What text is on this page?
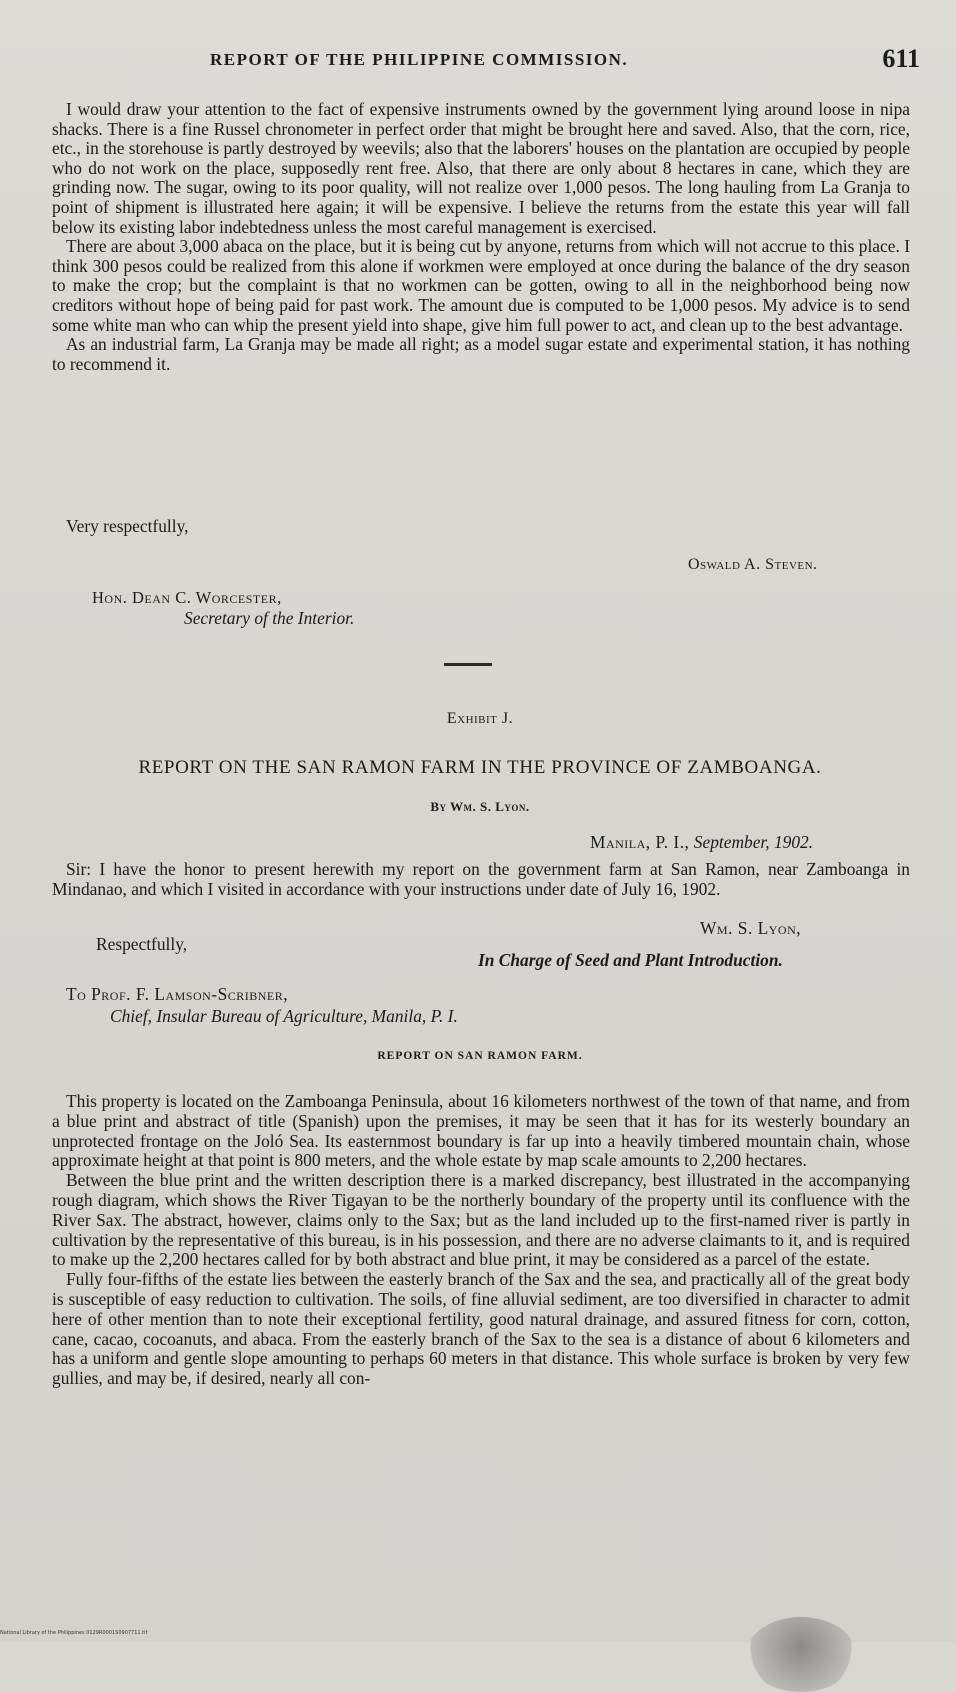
REPORT OF THE PHILIPPINE COMMISSION.	611

I would draw your attention to the fact of expensive instruments owned by the government lying around loose in nipa shacks. There is a fine Russel chronometer in perfect order that might be brought here and saved. Also, that the corn, rice, etc., in the storehouse is partly destroyed by weevils; also that the laborers' houses on the plantation are occupied by people who do not work on the place, supposedly rent free. Also, that there are only about 8 hectares in cane, which they are grinding now. The sugar, owing to its poor quality, will not realize over 1,000 pesos. The long hauling from La Granja to point of shipment is illustrated here again; it will be expensive. I believe the returns from the estate this year will fall below its existing labor indebtedness unless the most careful management is exercised.

There are about 3,000 abaca on the place, but it is being cut by anyone, returns from which will not accrue to this place. I think 300 pesos could be realized from this alone if workmen were employed at once during the balance of the dry season to make the crop; but the complaint is that no workmen can be gotten, owing to all in the neighborhood being now creditors without hope of being paid for past work. The amount due is computed to be 1,000 pesos. My advice is to send some white man who can whip the present yield into shape, give him full power to act, and clean up to the best advantage.

As an industrial farm, La Granja may be made all right; as a model sugar estate and experimental station, it has nothing to recommend it.

Very respectfully,
Oswald A. Steven.
Hon. Dean C. Worcester,
Secretary of the Interior.
Exhibit J.
REPORT ON THE SAN RAMON FARM IN THE PROVINCE OF ZAMBOANGA.
By Wm. S. Lyon.
Manila, P. I., September, 1902.

Sir: I have the honor to present herewith my report on the government farm at San Ramon, near Zamboanga in Mindanao, and which I visited in accordance with your instructions under date of July 16, 1902.

Respectfully,
Wm. S. Lyon,
In Charge of Seed and Plant Introduction.
To Prof. F. Lamson-Scribner,
Chief, Insular Bureau of Agriculture, Manila, P. I.
REPORT ON SAN RAMON FARM.

This property is located on the Zamboanga Peninsula, about 16 kilometers northwest of the town of that name, and from a blue print and abstract of title (Spanish) upon the premises, it may be seen that it has for its westerly boundary an unprotected frontage on the Joló Sea. Its easternmost boundary is far up into a heavily timbered mountain chain, whose approximate height at that point is 800 meters, and the whole estate by map scale amounts to 2,200 hectares.

Between the blue print and the written description there is a marked discrepancy, best illustrated in the accompanying rough diagram, which shows the River Tigayan to be the northerly boundary of the property until its confluence with the River Sax. The abstract, however, claims only to the Sax; but as the land included up to the first-named river is partly in cultivation by the representative of this bureau, is in his possession, and there are no adverse claimants to it, and is required to make up the 2,200 hectares called for by both abstract and blue print, it may be considered as a parcel of the estate.

Fully four-fifths of the estate lies between the easterly branch of the Sax and the sea, and practically all of the great body is susceptible of easy reduction to cultivation. The soils, of fine alluvial sediment, are too diversified in character to admit here of other mention than to note their exceptional fertility, good natural drainage, and assured fitness for corn, cotton, cane, cacao, cocoanuts, and abaca. From the easterly branch of the Sax to the sea is a distance of about 6 kilometers and has a uniform and gentle slope amounting to perhaps 60 meters in that distance. This whole surface is broken by very few gullies, and may be, if desired, nearly all con-

National Library of the Philippines 0129R0001S0907711.tif
